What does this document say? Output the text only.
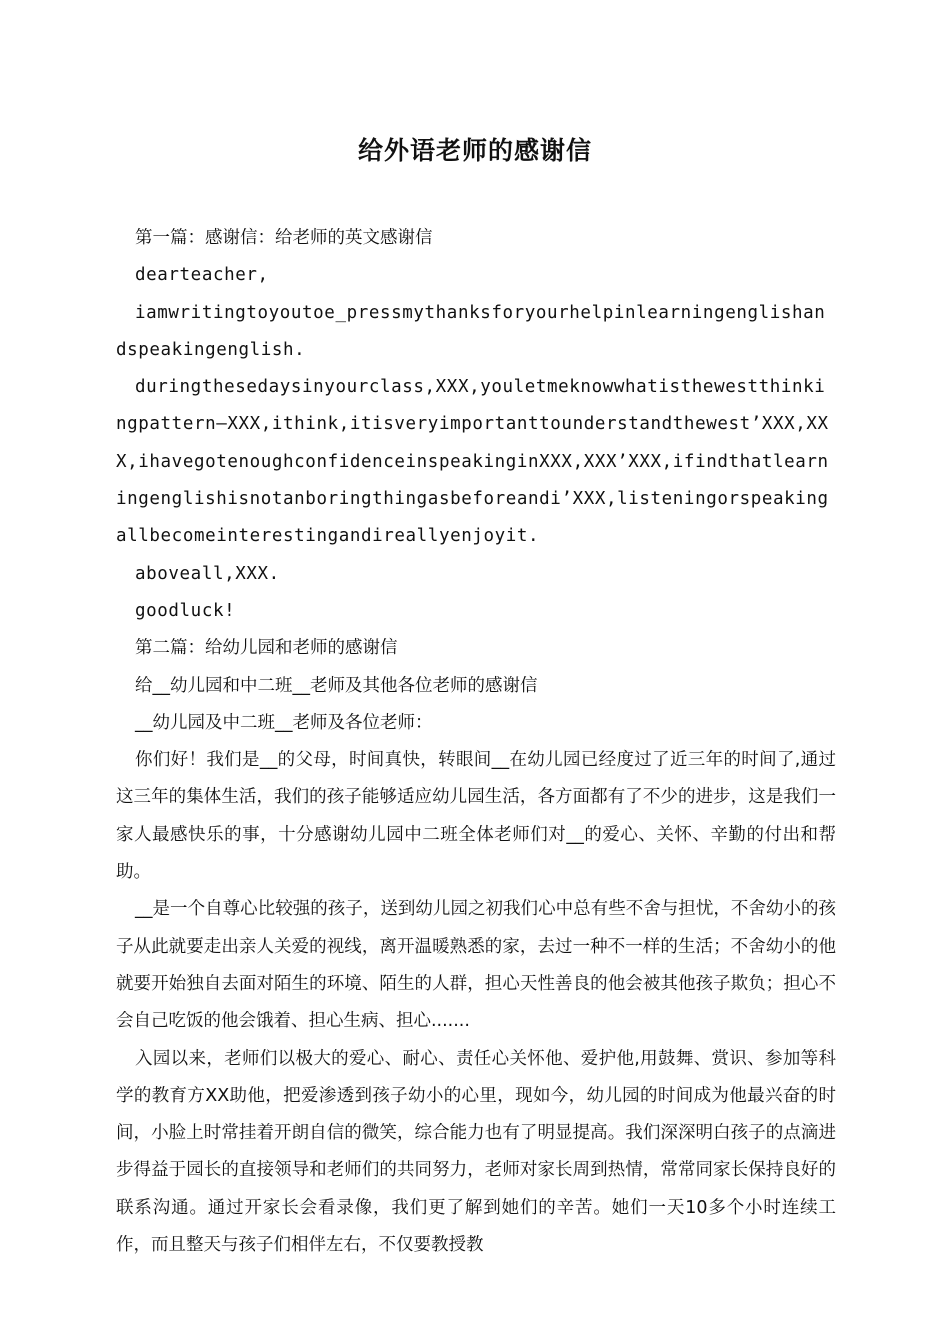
给外语老师的感谢信

第一篇：感谢信：给老师的英文感谢信

dearteacher,

iamwritingtoyoutoe_pressmythanksforyourhelpinlearningenglishandspeakingenglish.

duringthesedaysinyourclass,XXX,youletmeknowwhatisthewestthinkingpattern—XXX,ithink,itisveryimportanttounderstandthewest’XXX,XXX,ihavegotenoughconfidenceinspeakinginXXX,XXX’XXX,ifindthatlearningenglishisnotanboringthingasbeforeandi’XXX,listeningorspeakingallbecomeinterestingandireallyenjoyit.

aboveall,XXX.

goodluck!

第二篇：给幼儿园和老师的感谢信

给__幼儿园和中二班__老师及其他各位老师的感谢信

__幼儿园及中二班__老师及各位老师：

你们好！我们是__的父母，时间真快，转眼间__在幼儿园已经度过了近三年的时间了,通过这三年的集体生活，我们的孩子能够适应幼儿园生活，各方面都有了不少的进步，这是我们一家人最感快乐的事，十分感谢幼儿园中二班全体老师们对__的爱心、关怀、辛勤的付出和帮助。

__是一个自尊心比较强的孩子，送到幼儿园之初我们心中总有些不舍与担忧，不舍幼小的孩子从此就要走出亲人关爱的视线，离开温暖熟悉的家，去过一种不一样的生活；不舍幼小的他就要开始独自去面对陌生的环境、陌生的人群，担心天性善良的他会被其他孩子欺负；担心不会自己吃饭的他会饿着、担心生病、担心.......

入园以来，老师们以极大的爱心、耐心、责任心关怀他、爱护他,用鼓舞、赏识、参加等科学的教育方XX助他，把爱渗透到孩子幼小的心里，现如今，幼儿园的时间成为他最兴奋的时间，小脸上时常挂着开朗自信的微笑，综合能力也有了明显提高。我们深深明白孩子的点滴进步得益于园长的直接领导和老师们的共同努力，老师对家长周到热情，常常同家长保持良好的联系沟通。通过开家长会看录像，我们更了解到她们的辛苦。她们一天10多个小时连续工作，而且整天与孩子们相伴左右，不仅要教授教
